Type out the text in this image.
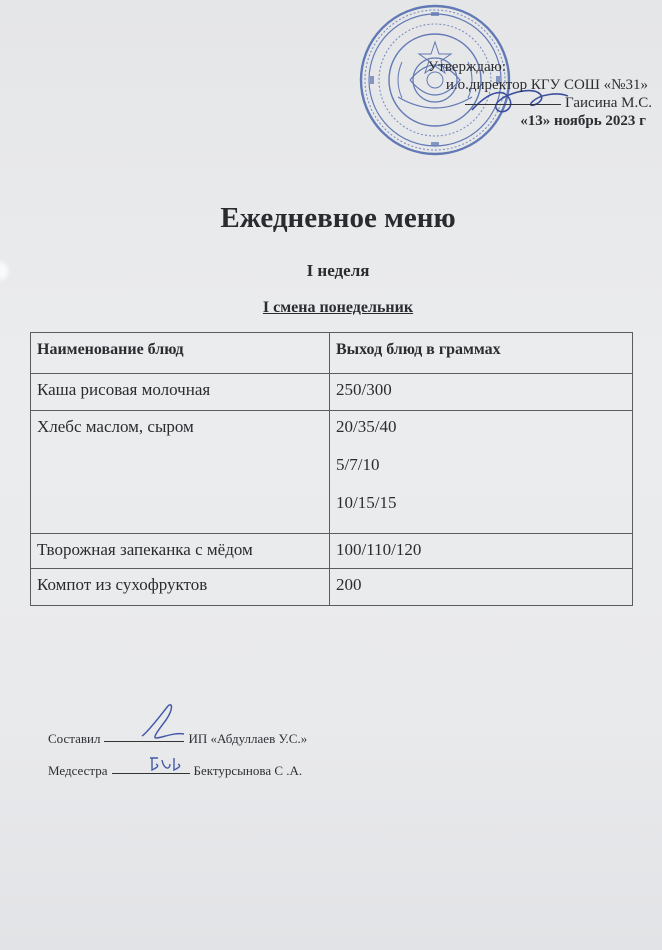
Утверждаю:
и.о.директор КГУ СОШ «№31»
Гаисина М.С.
«13» ноябрь 2023 г
Ежедневное меню
I неделя
I смена понедельник
Наименование блюд	Выход блюд в граммах
Каша рисовая молочная	250/300
Хлебс маслом, сыром	20/35/40
5/7/10
10/15/15

Творожная запеканка с мёдом	100/110/120
Компот из сухофруктов	200
Составил	ИП «Абдуллаев У.С.»
Медсестра	Бектурсынова С .А.
